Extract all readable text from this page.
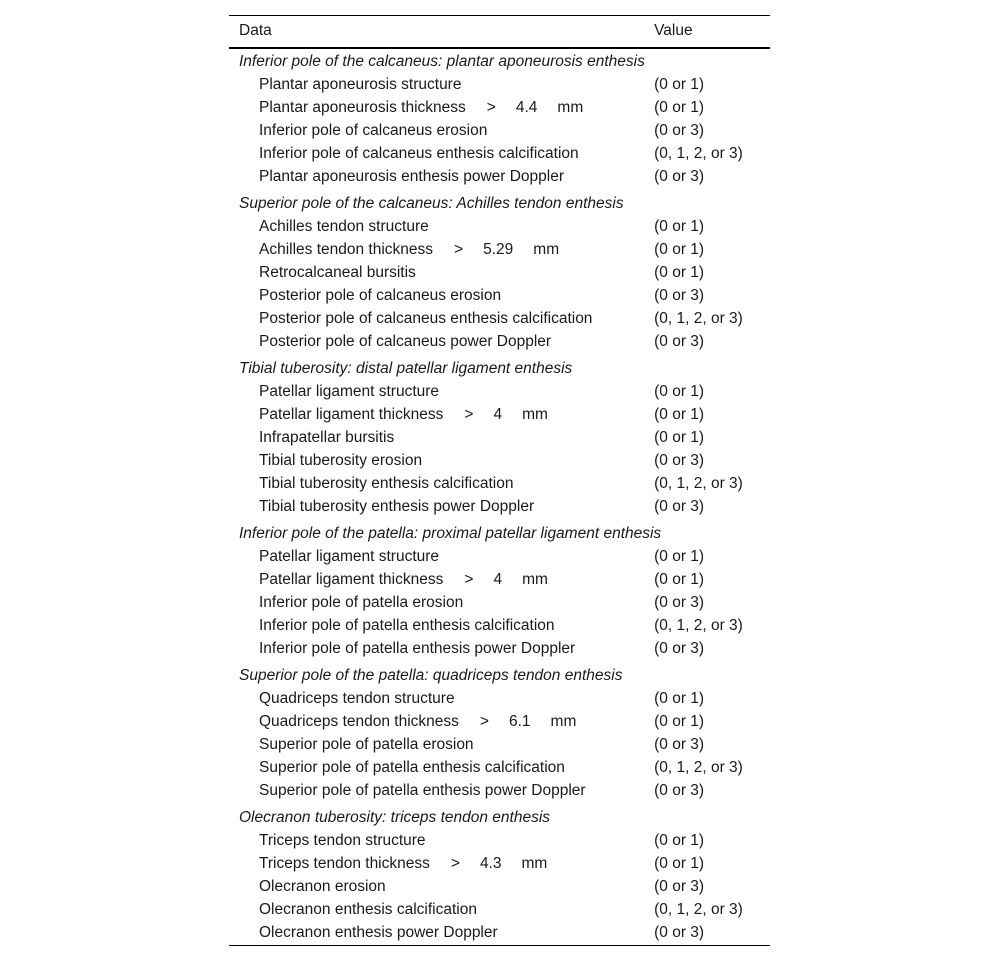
Data	Value
Inferior pole of the calcaneus: plantar aponeurosis enthesis	
Plantar aponeurosis structure	(0 or 1)
Plantar aponeurosis thickness > 4.4 mm	(0 or 1)
Inferior pole of calcaneus erosion	(0 or 3)
Inferior pole of calcaneus enthesis calcification	(0, 1, 2, or 3)
Plantar aponeurosis enthesis power Doppler	(0 or 3)
Superior pole of the calcaneus: Achilles tendon enthesis	
Achilles tendon structure	(0 or 1)
Achilles tendon thickness > 5.29 mm	(0 or 1)
Retrocalcaneal bursitis	(0 or 1)
Posterior pole of calcaneus erosion	(0 or 3)
Posterior pole of calcaneus enthesis calcification	(0, 1, 2, or 3)
Posterior pole of calcaneus power Doppler	(0 or 3)
Tibial tuberosity: distal patellar ligament enthesis	
Patellar ligament structure	(0 or 1)
Patellar ligament thickness > 4 mm	(0 or 1)
Infrapatellar bursitis	(0 or 1)
Tibial tuberosity erosion	(0 or 3)
Tibial tuberosity enthesis calcification	(0, 1, 2, or 3)
Tibial tuberosity enthesis power Doppler	(0 or 3)
Inferior pole of the patella: proximal patellar ligament enthesis	
Patellar ligament structure	(0 or 1)
Patellar ligament thickness > 4 mm	(0 or 1)
Inferior pole of patella erosion	(0 or 3)
Inferior pole of patella enthesis calcification	(0, 1, 2, or 3)
Inferior pole of patella enthesis power Doppler	(0 or 3)
Superior pole of the patella: quadriceps tendon enthesis	
Quadriceps tendon structure	(0 or 1)
Quadriceps tendon thickness > 6.1 mm	(0 or 1)
Superior pole of patella erosion	(0 or 3)
Superior pole of patella enthesis calcification	(0, 1, 2, or 3)
Superior pole of patella enthesis power Doppler	(0 or 3)
Olecranon tuberosity: triceps tendon enthesis	
Triceps tendon structure	(0 or 1)
Triceps tendon thickness > 4.3 mm	(0 or 1)
Olecranon erosion	(0 or 3)
Olecranon enthesis calcification	(0, 1, 2, or 3)
Olecranon enthesis power Doppler	(0 or 3)
